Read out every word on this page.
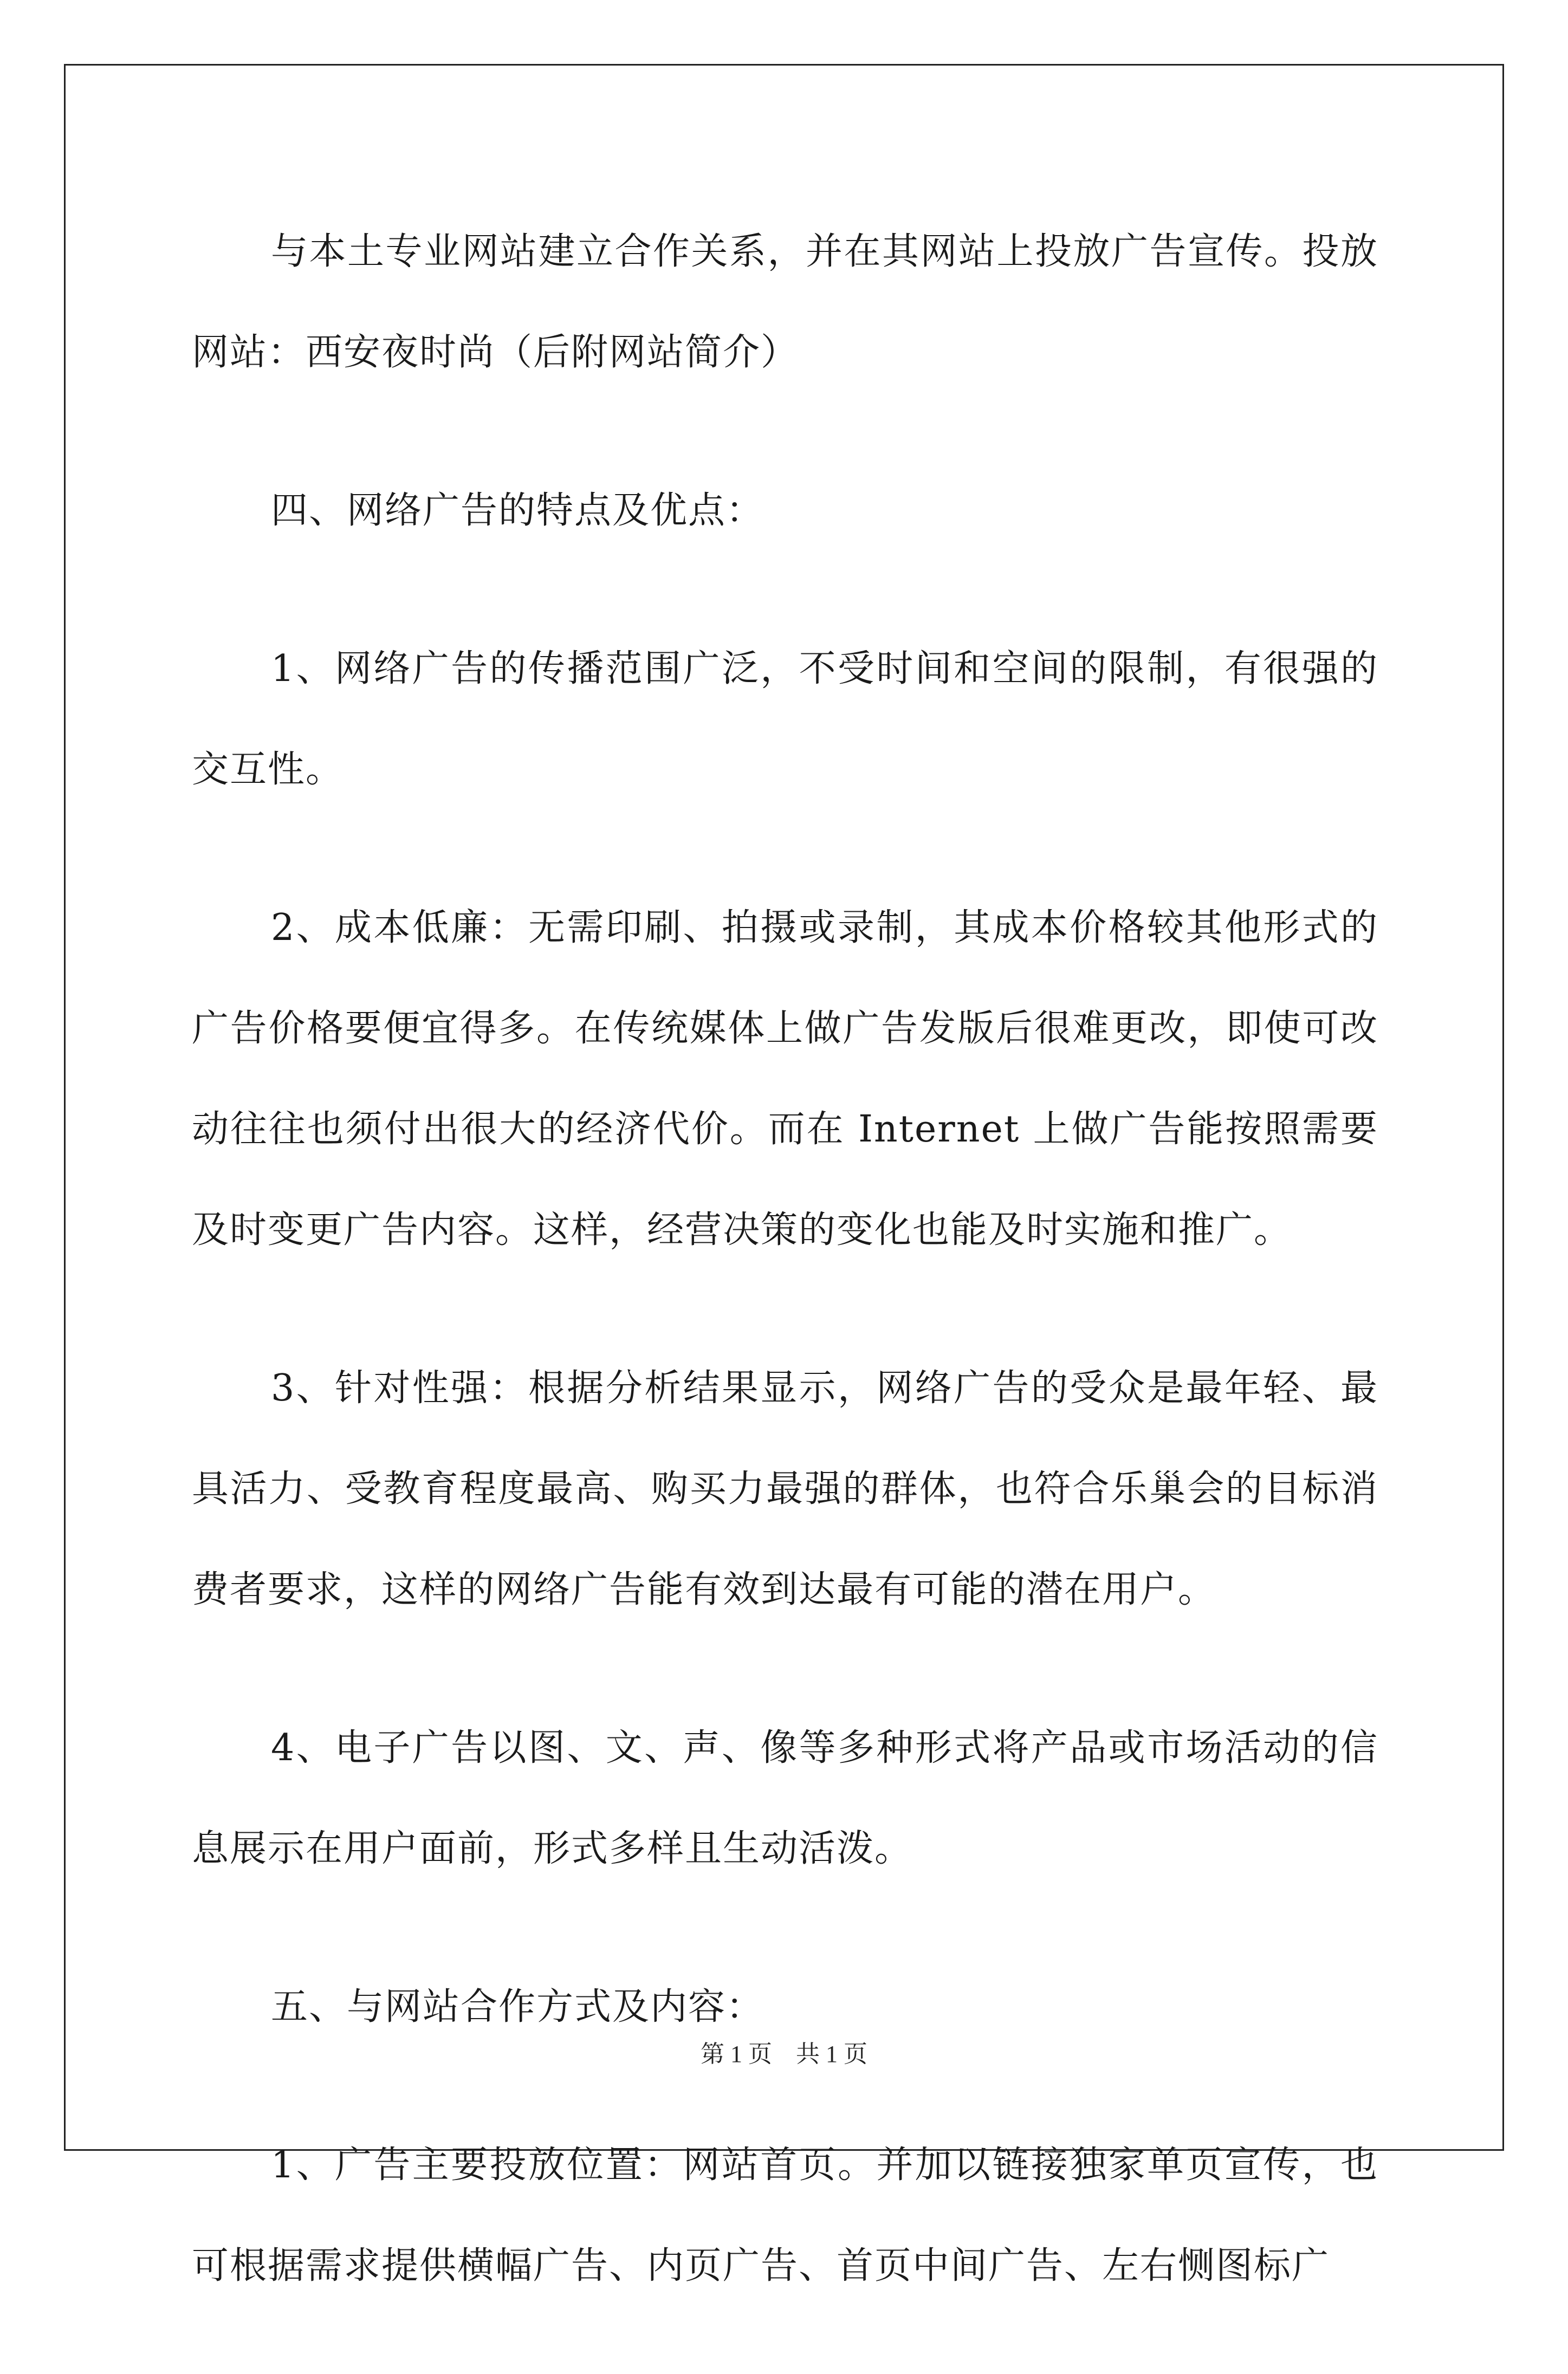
与本土专业网站建立合作关系，并在其网站上投放广告宣传。投放网站：西安夜时尚（后附网站简介）

四、网络广告的特点及优点：

1、网络广告的传播范围广泛，不受时间和空间的限制，有很强的交互性。

2、成本低廉：无需印刷、拍摄或录制，其成本价格较其他形式的广告价格要便宜得多。在传统媒体上做广告发版后很难更改，即使可改动往往也须付出很大的经济代价。而在 Internet 上做广告能按照需要及时变更广告内容。这样，经营决策的变化也能及时实施和推广。

3、针对性强：根据分析结果显示，网络广告的受众是最年轻、最具活力、受教育程度最高、购买力最强的群体，也符合乐巢会的目标消费者要求，这样的网络广告能有效到达最有可能的潜在用户。

4、电子广告以图、文、声、像等多种形式将产品或市场活动的信息展示在用户面前，形式多样且生动活泼。

五、与网站合作方式及内容：

1、广告主要投放位置：网站首页。并加以链接独家单页宣传，也可根据需求提供横幅广告、内页广告、首页中间广告、左右恻图标广

第 1 页　共 1 页
